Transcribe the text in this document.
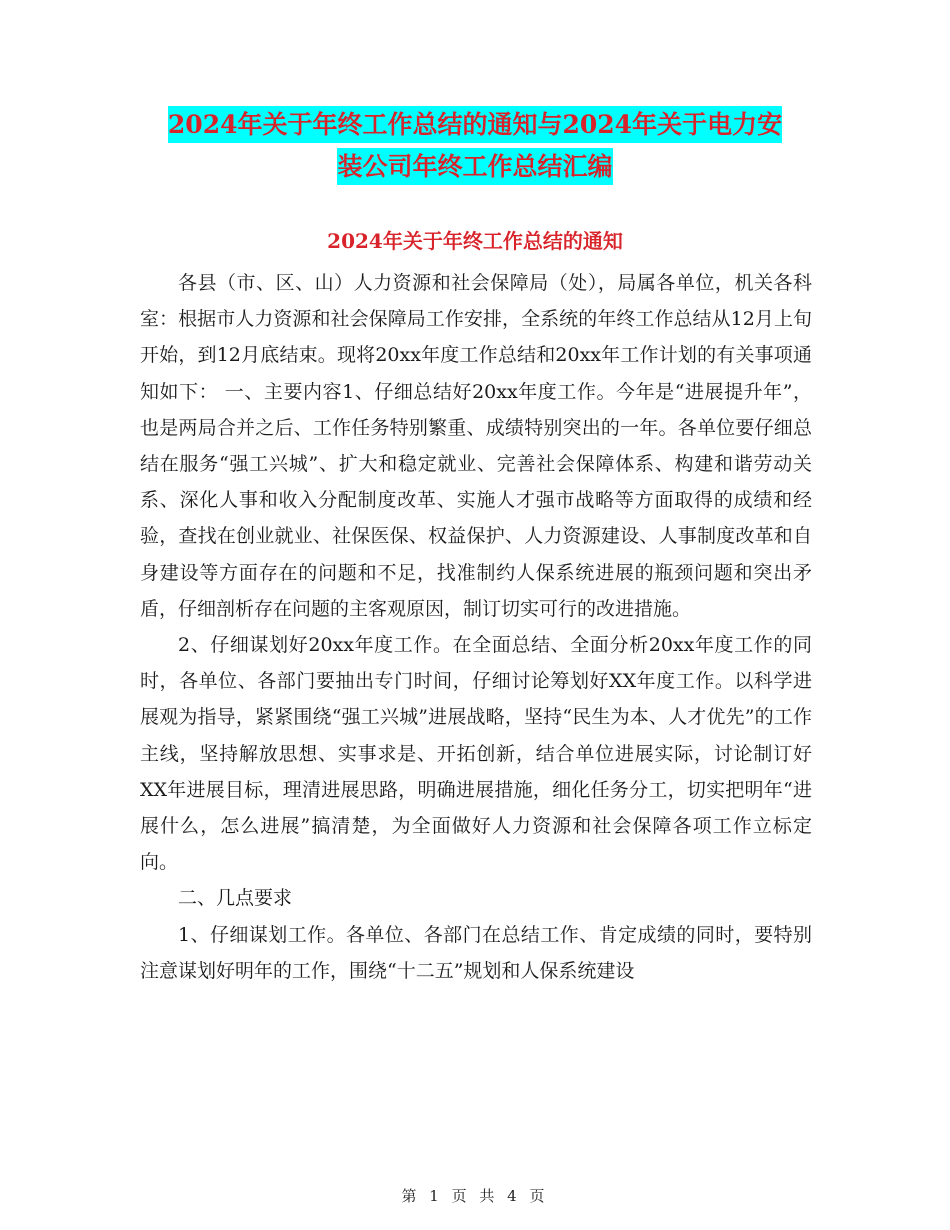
2024年关于年终工作总结的通知与2024年关于电力安
装公司年终工作总结汇编
2024年关于年终工作总结的通知

各县（市、区、山）人力资源和社会保障局（处），局属各单位，机关各科室：根据市人力资源和社会保障局工作安排，全系统的年终工作总结从12月上旬开始，到12月底结束。现将20xx年度工作总结和20xx年工作计划的有关事项通知如下： 一、主要内容1、仔细总结好20xx年度工作。今年是“进展提升年”，也是两局合并之后、工作任务特别繁重、成绩特别突出的一年。各单位要仔细总结在服务“强工兴城”、扩大和稳定就业、完善社会保障体系、构建和谐劳动关系、深化人事和收入分配制度改革、实施人才强市战略等方面取得的成绩和经验，查找在创业就业、社保医保、权益保护、人力资源建设、人事制度改革和自身建设等方面存在的问题和不足，找准制约人保系统进展的瓶颈问题和突出矛盾，仔细剖析存在问题的主客观原因，制订切实可行的改进措施。

2、仔细谋划好20xx年度工作。在全面总结、全面分析20xx年度工作的同时，各单位、各部门要抽出专门时间，仔细讨论筹划好XX年度工作。以科学进展观为指导，紧紧围绕“强工兴城”进展战略，坚持“民生为本、人才优先”的工作主线，坚持解放思想、实事求是、开拓创新，结合单位进展实际，讨论制订好XX年进展目标，理清进展思路，明确进展措施，细化任务分工，切实把明年“进展什么，怎么进展”搞清楚，为全面做好人力资源和社会保障各项工作立标定向。

二、几点要求

1、仔细谋划工作。各单位、各部门在总结工作、肯定成绩的同时，要特别注意谋划好明年的工作，围绕“十二五”规划和人保系统建设

第 1 页 共 4 页
